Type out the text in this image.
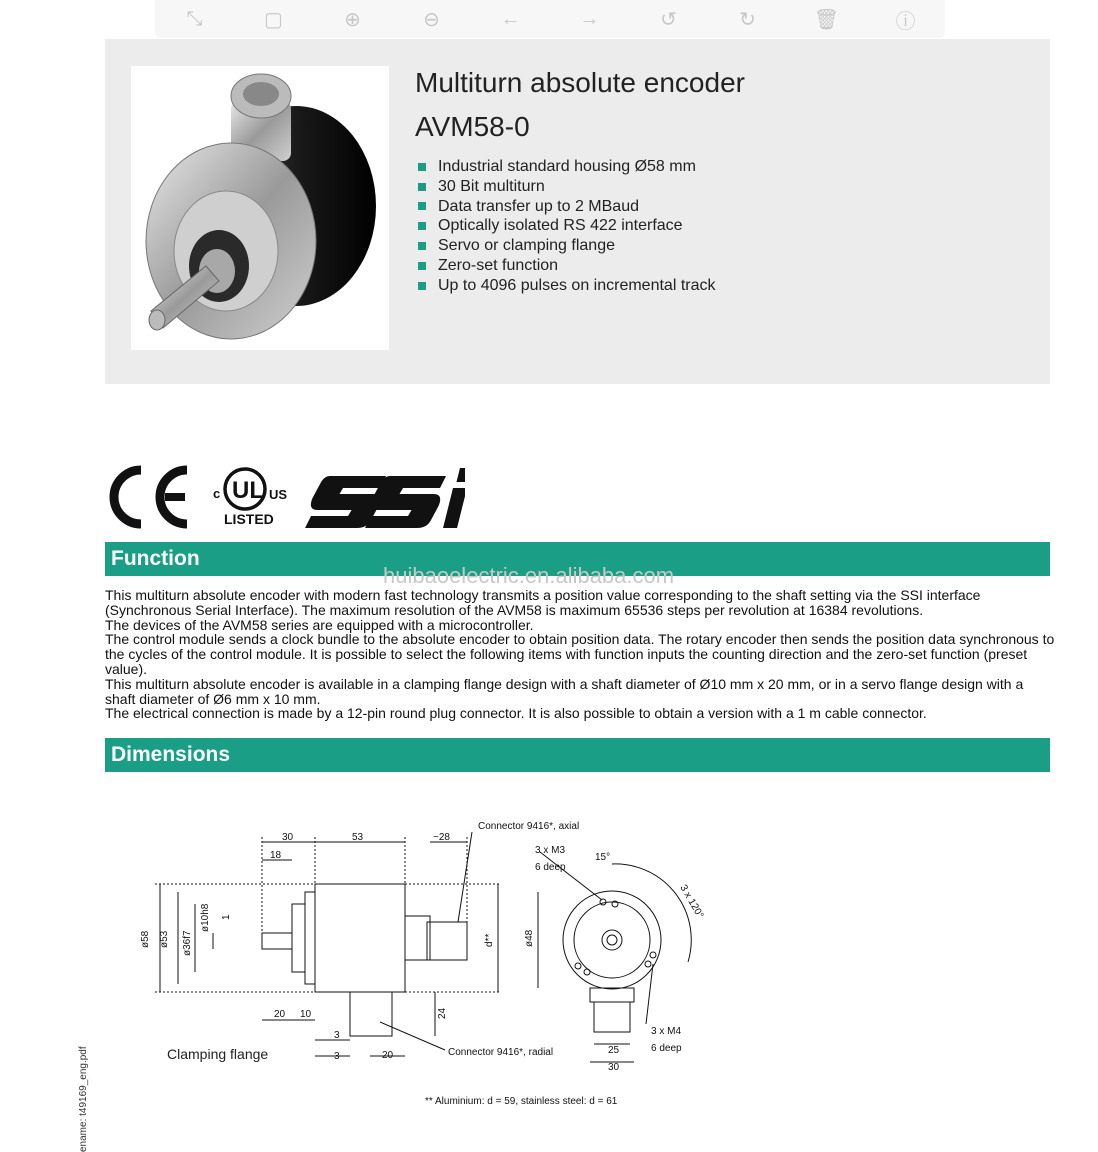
⤡	▢	⊕	⊖	←	→	↺	↻	🗑	ⓘ
Multiturn absolute encoder
AVM58-0
Industrial standard housing Ø58 mm
30 Bit multiturn
Data transfer up to 2 MBaud
Optically isolated RS 422 interface
Servo or clamping flange
Zero-set function
Up to 4096 pulses on incremental track
UL
c	US
LISTED
Function
huibaoelectric.en.alibaba.com

This multiturn absolute encoder with modern fast technology transmits a position value corresponding to the shaft setting via the SSI interface (Synchronous Serial Interface). The maximum resolution of the AVM58 is maximum 65536 steps per revolution at 16384 revolutions.

The devices of the AVM58 series are equipped with a microcontroller.

The control module sends a clock bundle to the absolute encoder to obtain position data. The rotary encoder then sends the position data synchronous to the cycles of the control module. It is possible to select the following items with function inputs the counting direction and the zero-set function (preset value).

This multiturn absolute encoder is available in a clamping flange design with a shaft diameter of Ø10 mm x 20 mm, or in a servo flange design with a shaft diameter of Ø6 mm x 10 mm.

The electrical connection is made by a 12-pin round plug connector. It is also possible to obtain a version with a 1 m cable connector.

Dimensions
30	53	~28
18
Connector 9416*, axial
3 x M3
6 deep
15°
3 x 120°
ø58 ø53 ø36f7
ø10h8 1
d**	ø48
20 10
3
3
24
20
Clamping flange	Connector 9416*, radial
3 x M4
6 deep
25
30
** Aluminium: d = 59, stainless steel: d = 61
ename: t49169_eng.pdf
